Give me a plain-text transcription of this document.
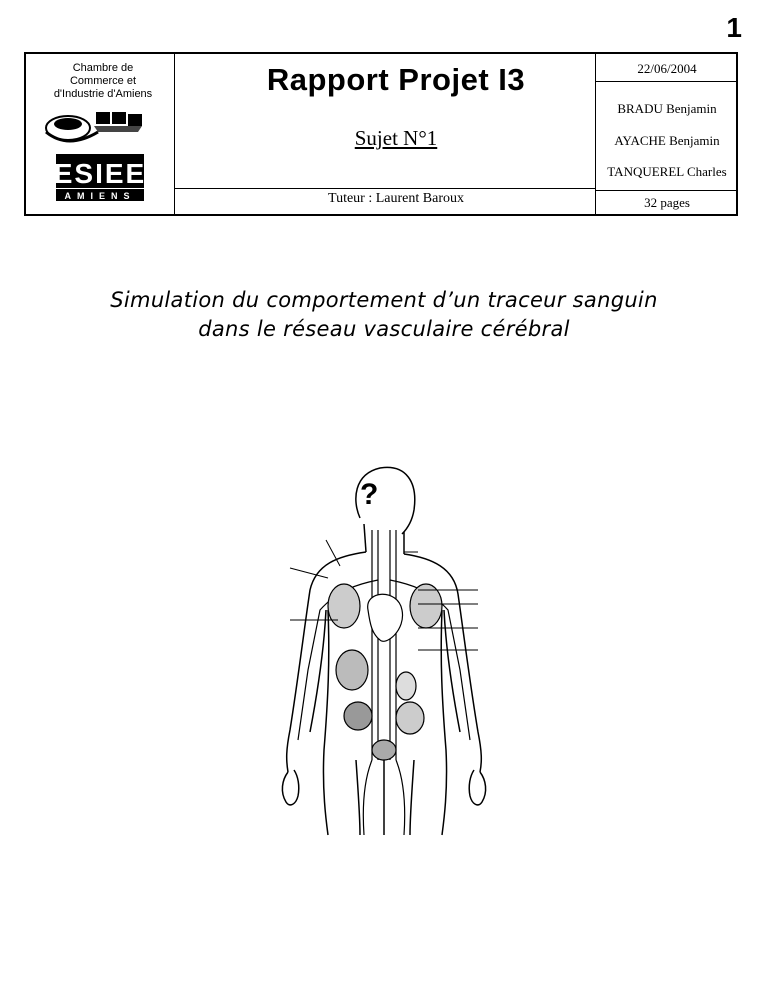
1
Chambre de
Commerce et
d'Industrie d'Amiens
ESIEE
AMIENS
Rapport Projet I3
Sujet N°1
Tuteur : Laurent Baroux
22/06/2004
BRADU Benjamin
AYACHE Benjamin
TANQUEREL Charles
32 pages
Simulation du comportement d’un traceur sanguin
dans le réseau vasculaire cérébral
?
